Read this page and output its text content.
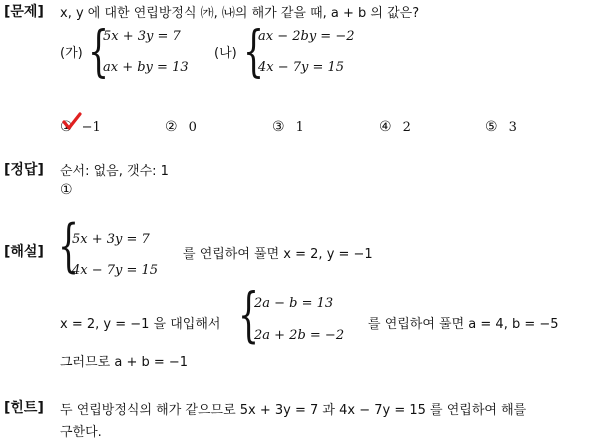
[문제]
[정답]
[해설]
[힌트]
x, y 에 대한 연립방정식 ㈎, ㈏의 해가 같을 때, a + b 의 값은?
(가) {
5x + 3y = 7
ax + by = 13
(나) {
ax − 2by = −2
4x − 7y = 15
① −1	② 0	③ 1	④ 2	⑤ 3
순서: 없음, 갯수: 1
①
{
5x + 3y = 7
4x − 7y = 15
를 연립하여 풀면 x = 2, y = −1
x = 2, y = −1 을 대입해서 {
2a − b = 13
2a + 2b = −2
를 연립하여 풀면 a = 4, b = −5
그러므로 a + b = −1
두 연립방정식의 해가 같으므로 5x + 3y = 7 과 4x − 7y = 15 를 연립하여 해를
구한다.
